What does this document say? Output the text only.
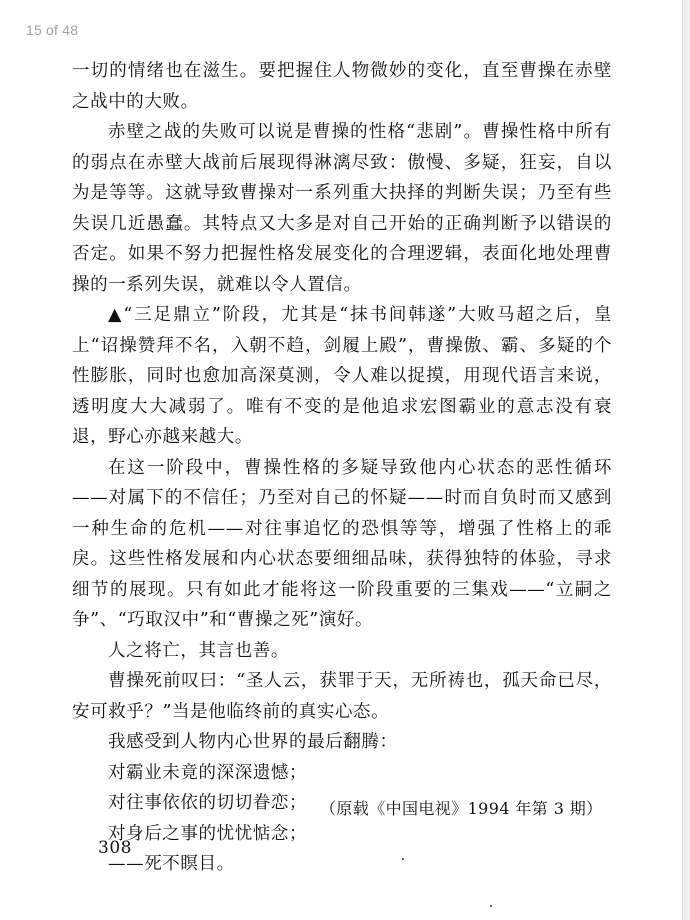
15 of 48

一切的情绪也在滋生。要把握住人物微妙的变化，直至曹操在赤壁之战中的大败。

赤壁之战的失败可以说是曹操的性格“悲剧”。曹操性格中所有的弱点在赤壁大战前后展现得淋漓尽致：傲慢、多疑，狂妄，自以为是等等。这就导致曹操对一系列重大抉择的判断失误；乃至有些失误几近愚蠢。其特点又大多是对自己开始的正确判断予以错误的否定。如果不努力把握性格发展变化的合理逻辑，表面化地处理曹操的一系列失误，就难以令人置信。

▲“三足鼎立”阶段，尤其是“抹书间韩遂”大败马超之后，皇上“诏操赞拜不名，入朝不趋，剑履上殿”，曹操傲、霸、多疑的个性膨胀，同时也愈加高深莫测，令人难以捉摸，用现代语言来说，透明度大大减弱了。唯有不变的是他追求宏图霸业的意志没有衰退，野心亦越来越大。

在这一阶段中，曹操性格的多疑导致他内心状态的恶性循环——对属下的不信任；乃至对自己的怀疑——时而自负时而又感到一种生命的危机——对往事追忆的恐惧等等，增强了性格上的乖戾。这些性格发展和内心状态要细细品味，获得独特的体验，寻求细节的展现。只有如此才能将这一阶段重要的三集戏——“立嗣之争”、“巧取汉中”和“曹操之死”演好。

人之将亡，其言也善。

曹操死前叹曰：“圣人云，获罪于天，无所祷也，孤天命已尽，安可救乎？”当是他临终前的真实心态。

我感受到人物内心世界的最后翻腾：

对霸业未竟的深深遗憾；

对往事依依的切切眷恋；

对身后之事的忧忧惦念；

——死不瞑目。

（原载《中国电视》1994 年第 3 期）
308
